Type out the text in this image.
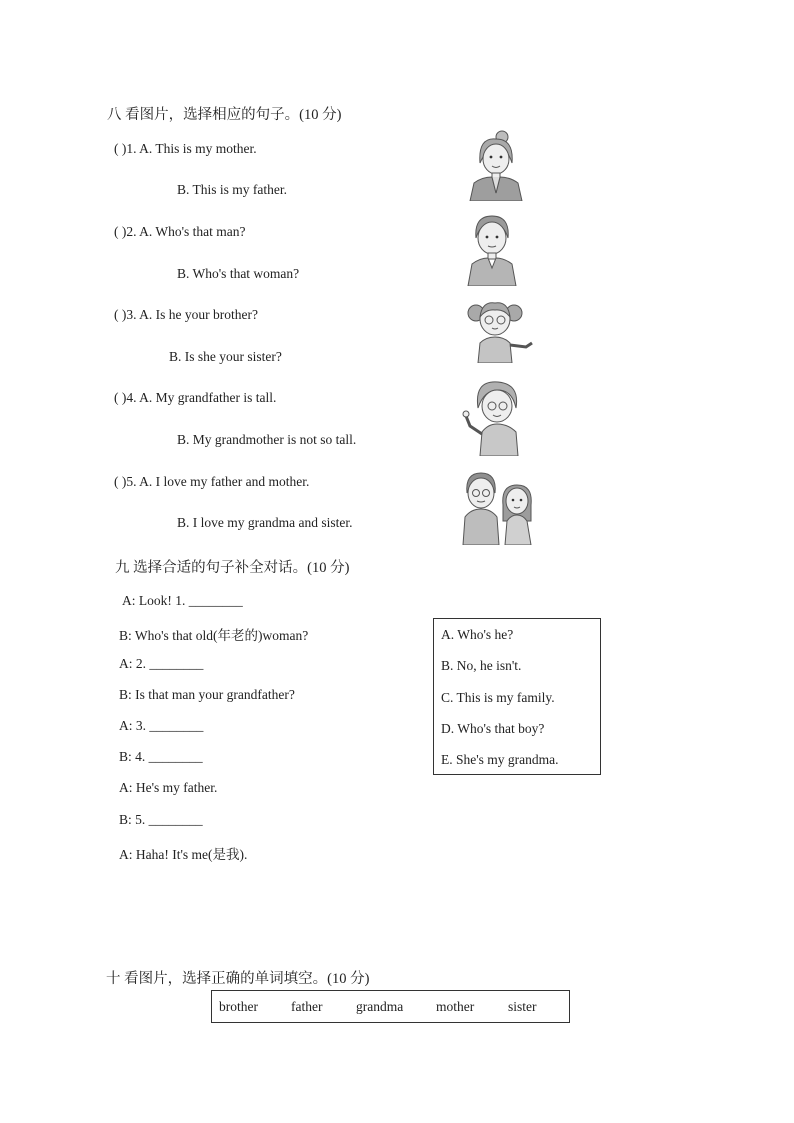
八 看图片，选择相应的句子。(10 分)
( )1. A. This is my mother.
B. This is my father.
( )2. A. Who's that man?
B. Who's that woman?
( )3. A. Is he your brother?
B. Is she your sister?
( )4. A. My grandfather is tall.
B. My grandmother is not so tall.
( )5. A. I love my father and mother.
B. I love my grandma and sister.
九 选择合适的句子补全对话。(10 分)
A: Look! 1. ________
B: Who's that old(年老的)woman?
A: 2. ________
B: Is that man your grandfather?
A: 3. ________
B: 4. ________
A: He's my father.
B: 5. ________
A: Haha! It's me(是我).
A. Who's he?
B. No, he isn't.
C. This is my family.
D. Who's that boy?
E. She's my grandma.
十 看图片，选择正确的单词填空。(10 分)
brother father grandma mother	sister
